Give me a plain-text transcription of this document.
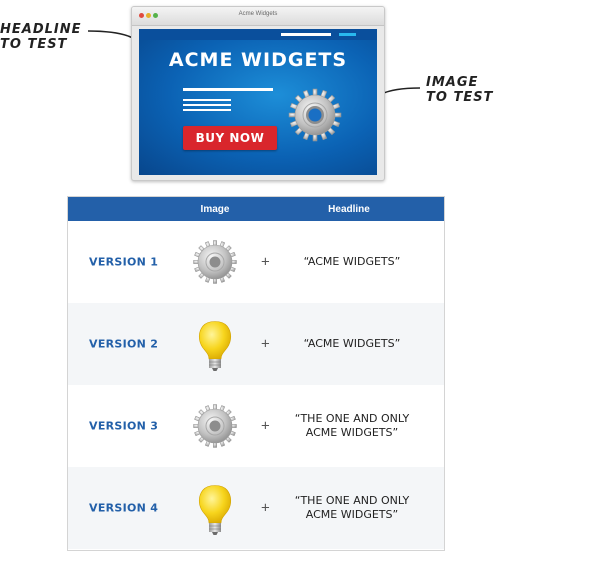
HEADLINE
TO TEST
IMAGE
TO TEST
Acme Widgets
ACME WIDGETS
BUY NOW
Image	Headline
VERSION 1	+	“ACME WIDGETS”
VERSION 2	+	“ACME WIDGETS”
VERSION 3	+	“THE ONE AND ONLY ACME WIDGETS”
VERSION 4	+	“THE ONE AND ONLY ACME WIDGETS”
